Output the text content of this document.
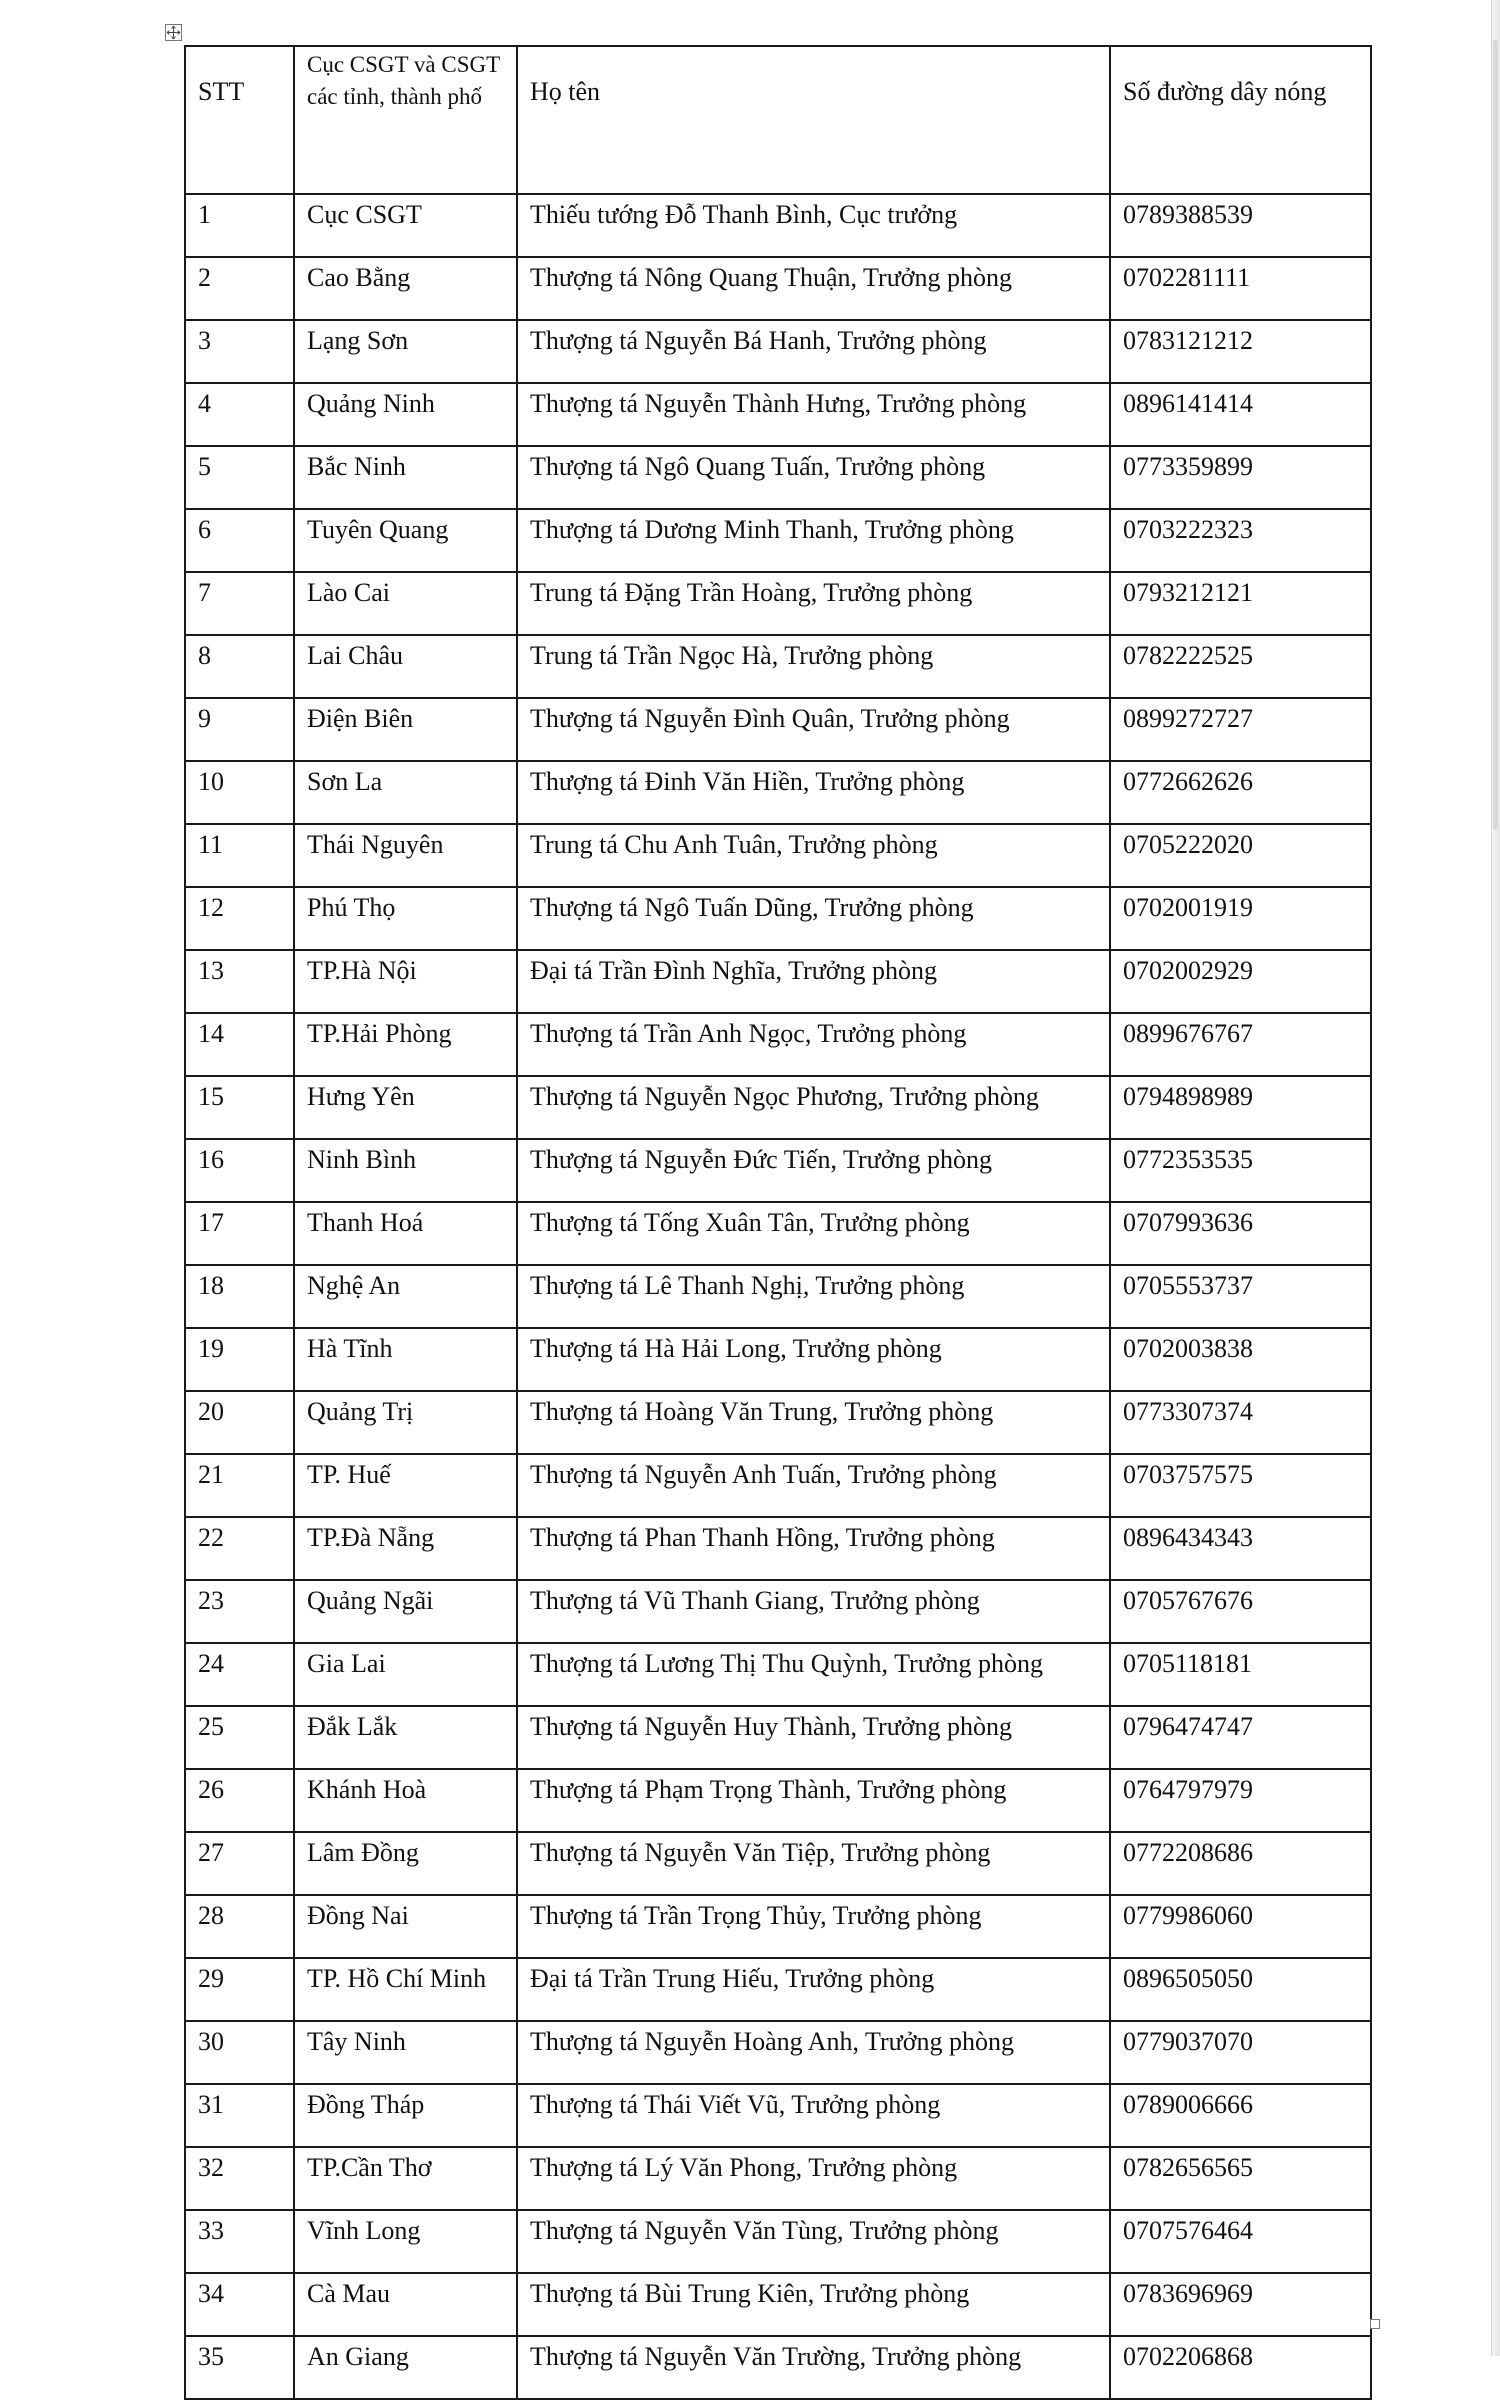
STT	Cục CSGT và CSGT các tỉnh, thành phố	Họ tên	Số đường dây nóng
1	Cục CSGT	Thiếu tướng Đỗ Thanh Bình, Cục trưởng	0789388539
2	Cao Bằng	Thượng tá Nông Quang Thuận, Trưởng phòng	0702281111
3	Lạng Sơn	Thượng tá Nguyễn Bá Hanh, Trưởng phòng	0783121212
4	Quảng Ninh	Thượng tá Nguyễn Thành Hưng, Trưởng phòng	0896141414
5	Bắc Ninh	Thượng tá Ngô Quang Tuấn, Trưởng phòng	0773359899
6	Tuyên Quang	Thượng tá Dương Minh Thanh, Trưởng phòng	0703222323
7	Lào Cai	Trung tá Đặng Trần Hoàng, Trưởng phòng	0793212121
8	Lai Châu	Trung tá Trần Ngọc Hà, Trưởng phòng	0782222525
9	Điện Biên	Thượng tá Nguyễn Đình Quân, Trưởng phòng	0899272727
10	Sơn La	Thượng tá Đinh Văn Hiền, Trưởng phòng	0772662626
11	Thái Nguyên	Trung tá Chu Anh Tuân, Trưởng phòng	0705222020
12	Phú Thọ	Thượng tá Ngô Tuấn Dũng, Trưởng phòng	0702001919
13	TP.Hà Nội	Đại tá Trần Đình Nghĩa, Trưởng phòng	0702002929
14	TP.Hải Phòng	Thượng tá Trần Anh Ngọc, Trưởng phòng	0899676767
15	Hưng Yên	Thượng tá Nguyễn Ngọc Phương, Trưởng phòng	0794898989
16	Ninh Bình	Thượng tá Nguyễn Đức Tiến, Trưởng phòng	0772353535
17	Thanh Hoá	Thượng tá Tống Xuân Tân, Trưởng phòng	0707993636
18	Nghệ An	Thượng tá Lê Thanh Nghị, Trưởng phòng	0705553737
19	Hà Tĩnh	Thượng tá Hà Hải Long, Trưởng phòng	0702003838
20	Quảng Trị	Thượng tá Hoàng Văn Trung, Trưởng phòng	0773307374
21	TP. Huế	Thượng tá Nguyễn Anh Tuấn, Trưởng phòng	0703757575
22	TP.Đà Nẵng	Thượng tá Phan Thanh Hồng, Trưởng phòng	0896434343
23	Quảng Ngãi	Thượng tá Vũ Thanh Giang, Trưởng phòng	0705767676
24	Gia Lai	Thượng tá Lương Thị Thu Quỳnh, Trưởng phòng	0705118181
25	Đắk Lắk	Thượng tá Nguyễn Huy Thành, Trưởng phòng	0796474747
26	Khánh Hoà	Thượng tá Phạm Trọng Thành, Trưởng phòng	0764797979
27	Lâm Đồng	Thượng tá Nguyễn Văn Tiệp, Trưởng phòng	0772208686
28	Đồng Nai	Thượng tá Trần Trọng Thủy, Trưởng phòng	0779986060
29	TP. Hồ Chí Minh	Đại tá Trần Trung Hiếu, Trưởng phòng	0896505050
30	Tây Ninh	Thượng tá Nguyễn Hoàng Anh, Trưởng phòng	0779037070
31	Đồng Tháp	Thượng tá Thái Viết Vũ, Trưởng phòng	0789006666
32	TP.Cần Thơ	Thượng tá Lý Văn Phong, Trưởng phòng	0782656565
33	Vĩnh Long	Thượng tá Nguyễn Văn Tùng, Trưởng phòng	0707576464
34	Cà Mau	Thượng tá Bùi Trung Kiên, Trưởng phòng	0783696969
35	An Giang	Thượng tá Nguyễn Văn Trường, Trưởng phòng	0702206868
